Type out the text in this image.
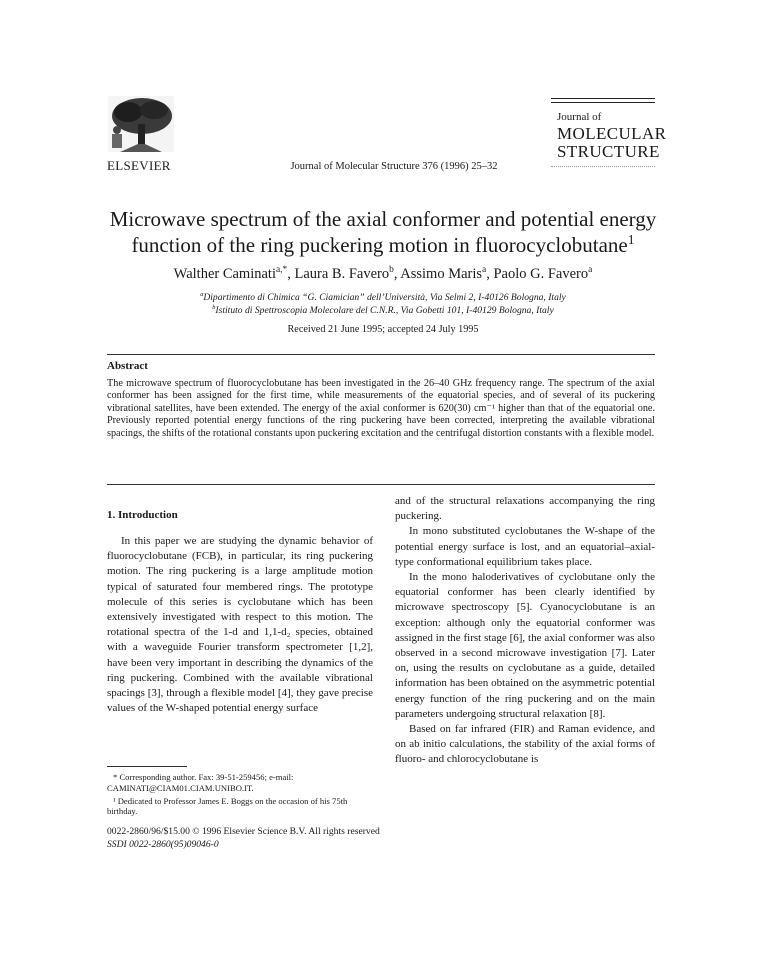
ELSEVIER	Journal of Molecular Structure 376 (1996) 25–32
Journal of
MOLECULAR
STRUCTURE
Microwave spectrum of the axial conformer and potential energy
function of the ring puckering motion in fluorocyclobutane$^1$
Walther Caminati$^{a,*}$, Laura B. Favero$^b$, Assimo Maris$^a$, Paolo G. Favero$^a$
$^a$Dipartimento di Chimica “G. Ciamician” dell’Università, Via Selmi 2, I-40126 Bologna, Italy
$^b$Istituto di Spettroscopia Molecolare del C.N.R., Via Gobetti 101, I-40129 Bologna, Italy
Received 21 June 1995; accepted 24 July 1995
Abstract
The microwave spectrum of fluorocyclobutane has been investigated in the 26–40 GHz frequency range. The spectrum of the axial conformer has been assigned for the first time, while measurements of the equatorial species, and of several of its puckering vibrational satellites, have been extended. The energy of the axial conformer is 620(30) cm⁻¹ higher than that of the equatorial one. Previously reported potential energy functions of the ring puckering have been corrected, interpreting the available vibrational spacings, the shifts of the rotational constants upon puckering excitation and the centrifugal distortion constants with a flexible model.
1. Introduction

In this paper we are studying the dynamic behavior of fluorocyclobutane (FCB), in particular, its ring puckering motion. The ring puckering is a large amplitude motion typical of saturated four membered rings. The prototype molecule of this series is cyclobutane which has been extensively investigated with respect to this motion. The rotational spectra of the 1-d and 1,1-d₂ species, obtained with a waveguide Fourier transform spectrometer [1,2], have been very important in describing the dynamics of the ring puckering. Combined with the available vibrational spacings [3], through a flexible model [4], they gave precise values of the W-shaped potential energy surface

and of the structural relaxations accompanying the ring puckering.

In mono substituted cyclobutanes the W-shape of the potential energy surface is lost, and an equatorial–axial-type conformational equilibrium takes place.

In the mono haloderivatives of cyclobutane only the equatorial conformer has been clearly identified by microwave spectroscopy [5]. Cyanocyclobutane is an exception: although only the equatorial conformer was assigned in the first stage [6], the axial conformer was also observed in a second microwave investigation [7]. Later on, using the results on cyclobutane as a guide, detailed information has been obtained on the asymmetric potential energy function of the ring puckering and on the main parameters undergoing structural relaxation [8].

Based on far infrared (FIR) and Raman evidence, and on ab initio calculations, the stability of the axial forms of fluoro- and chlorocyclobutane is

* Corresponding author. Fax: 39-51-259456; e-mail: CAMINATI@CIAM01.CIAM.UNIBO.IT.

¹ Dedicated to Professor James E. Boggs on the occasion of his 75th birthday.

0022-2860/96/$15.00 © 1996 Elsevier Science B.V. All rights reserved
SSDI 0022-2860(95)09046-0
